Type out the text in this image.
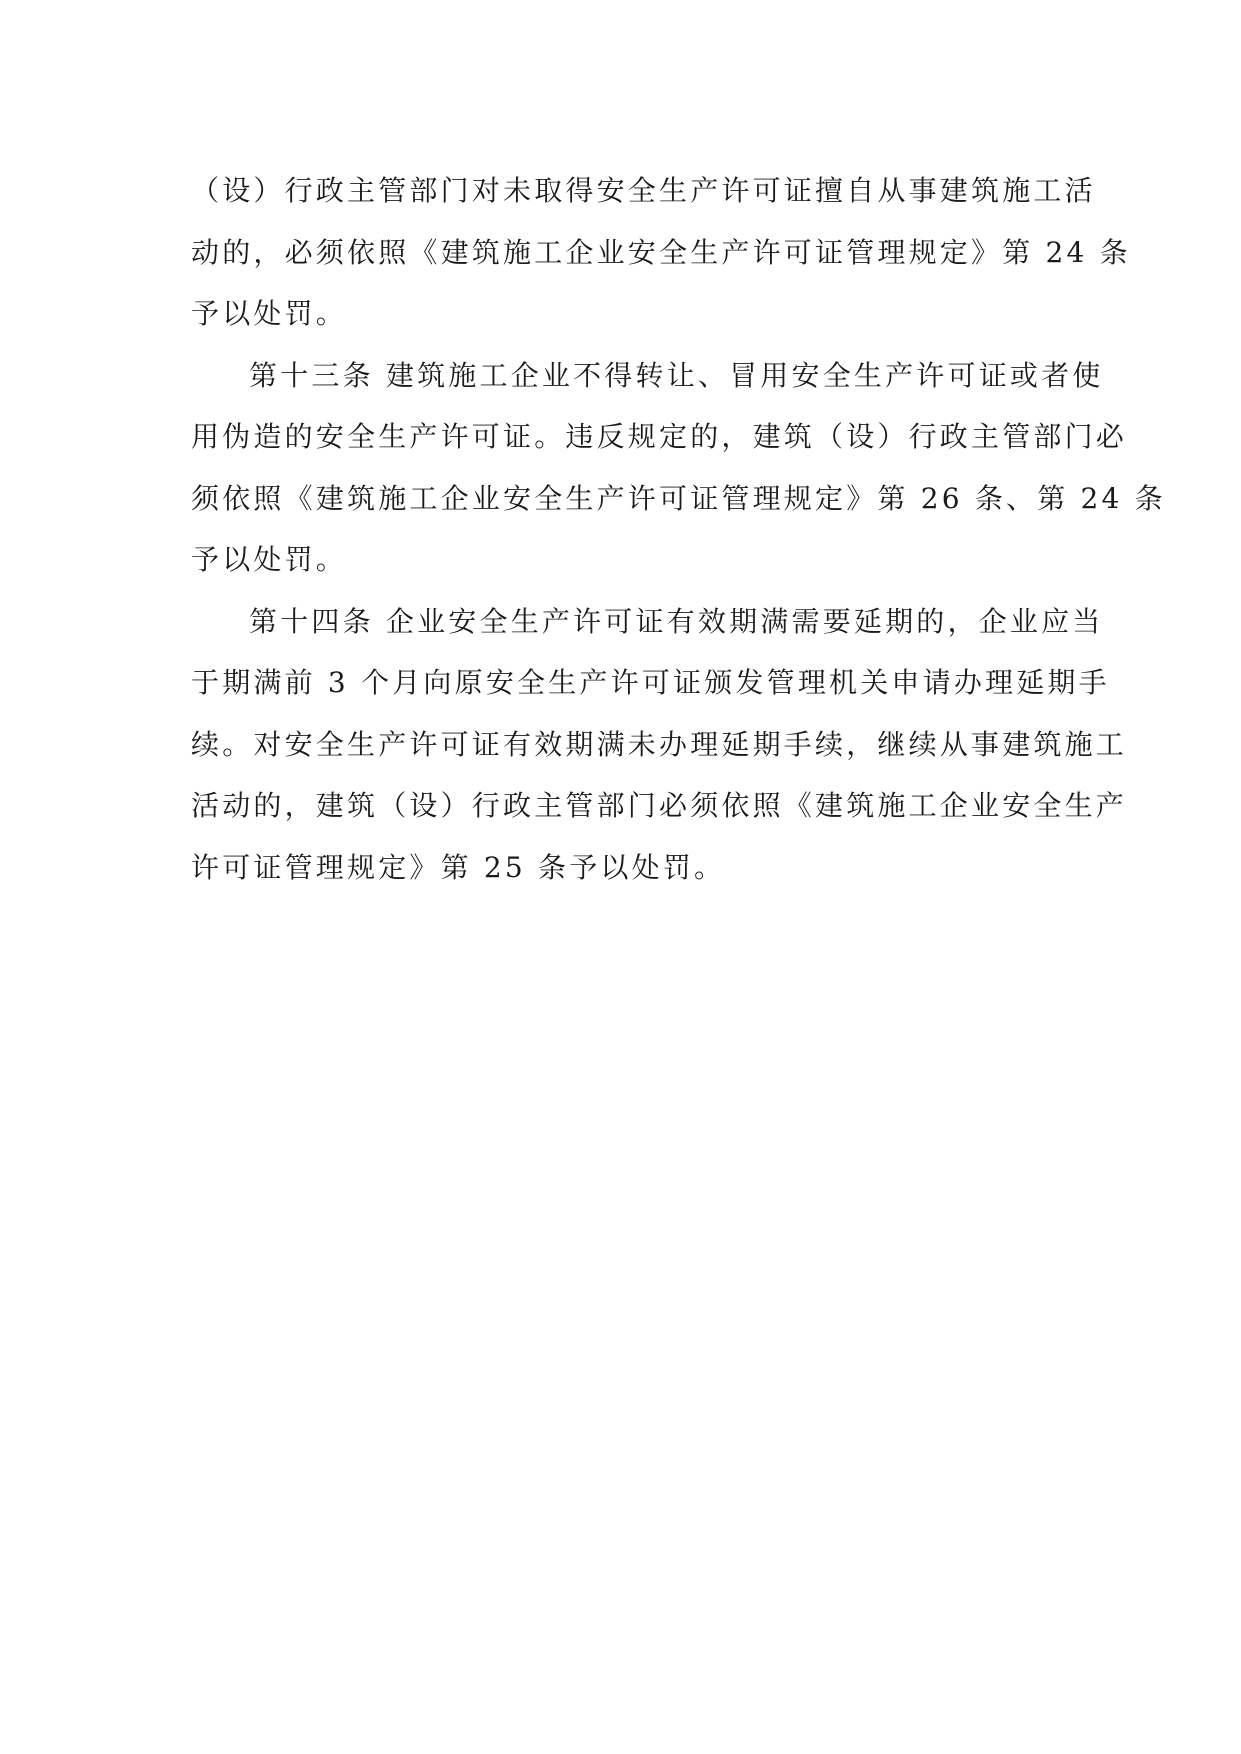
（设）行政主管部门对未取得安全生产许可证擅自从事建筑施工活
动的，必须依照《建筑施工企业安全生产许可证管理规定》第 24 条
予以处罚。

第十三条 建筑施工企业不得转让、冒用安全生产许可证或者使
用伪造的安全生产许可证。违反规定的，建筑（设）行政主管部门必
须依照《建筑施工企业安全生产许可证管理规定》第 26 条、第 24 条
予以处罚。

第十四条 企业安全生产许可证有效期满需要延期的，企业应当
于期满前 3 个月向原安全生产许可证颁发管理机关申请办理延期手
续。对安全生产许可证有效期满未办理延期手续，继续从事建筑施工
活动的，建筑（设）行政主管部门必须依照《建筑施工企业安全生产
许可证管理规定》第 25 条予以处罚。
